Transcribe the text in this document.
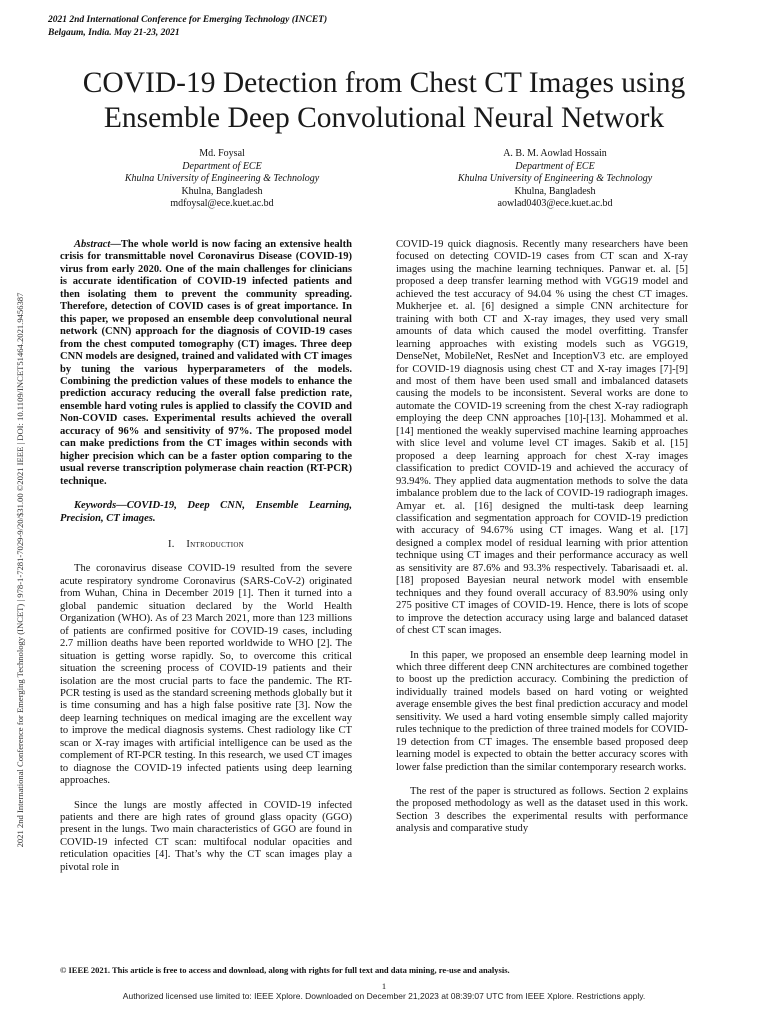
2021 2nd International Conference for Emerging Technology (INCET)
Belgaum, India. May 21-23, 2021
COVID-19 Detection from Chest CT Images using
Ensemble Deep Convolutional Neural Network
Md. Foysal
Department of ECE
Khulna University of Engineering & Technology
Khulna, Bangladesh
mdfoysal@ece.kuet.ac.bd
A. B. M. Aowlad Hossain
Department of ECE
Khulna University of Engineering & Technology
Khulna, Bangladesh
aowlad0403@ece.kuet.ac.bd
2021 2nd International Conference for Emerging Technology (INCET) | 978-1-7281-7029-9/20/$31.00 ©2021 IEEE | DOI: 10.1109/INCET51464.2021.9456387

Abstract—The whole world is now facing an extensive health crisis for transmittable novel Coronavirus Disease (COVID-19) virus from early 2020. One of the main challenges for clinicians is accurate identification of COVID-19 infected patients and then isolating them to prevent the community spreading. Therefore, detection of COVID cases is of great importance. In this paper, we proposed an ensemble deep convolutional neural network (CNN) approach for the diagnosis of COVID-19 cases from the chest computed tomography (CT) images. Three deep CNN models are designed, trained and validated with CT images by tuning the various hyperparameters of the models. Combining the prediction values of these models to enhance the prediction accuracy reducing the overall false prediction rate, ensemble hard voting rules is applied to classify the COVID and Non-COVID cases. Experimental results achieved the overall accuracy of 96% and sensitivity of 97%. The proposed model can make predictions from the CT images within seconds with higher precision which can be a faster option comparing to the usual reverse transcription polymerase chain reaction (RT-PCR) technique.

Keywords—COVID-19, Deep CNN, Ensemble Learning, Precision, CT images.

I. Introduction

The coronavirus disease COVID-19 resulted from the severe acute respiratory syndrome Coronavirus (SARS-CoV-2) originated from Wuhan, China in December 2019 [1]. Then it turned into a global pandemic situation declared by the World Health Organization (WHO). As of 23 March 2021, more than 123 millions of patients are confirmed positive for COVID-19 cases, including 2.7 million deaths have been reported worldwide to WHO [2]. The situation is getting worse rapidly. So, to overcome this critical situation the screening process of COVID-19 patients and their isolation are the most crucial parts to face the pandemic. The RT-PCR testing is used as the standard screening methods globally but it is time consuming and has a high false positive rate [3]. Now the deep learning techniques on medical imaging are the excellent way to improve the medical diagnosis systems. Chest radiology like CT scan or X-ray images with artificial intelligence can be used as the complement of RT-PCR testing. In this research, we used CT images to diagnose the COVID-19 infected patients using deep learning approaches.

Since the lungs are mostly affected in COVID-19 infected patients and there are high rates of ground glass opacity (GGO) present in the lungs. Two main characteristics of GGO are found in COVID-19 infected CT scan: multifocal nodular opacities and reticulation opacities [4]. That’s why the CT scan images play a pivotal role in

COVID-19 quick diagnosis. Recently many researchers have been focused on detecting COVID-19 cases from CT scan and X-ray images using the machine learning techniques. Panwar et. al. [5] proposed a deep transfer learning method with VGG19 model and achieved the test accuracy of 94.04 % using the chest CT images. Mukherjee et. al. [6] designed a simple CNN architecture for training with both CT and X-ray images, they used very small amounts of data which caused the model overfitting. Transfer learning approaches with existing models such as VGG19, DenseNet, MobileNet, ResNet and InceptionV3 etc. are employed for COVID-19 diagnosis using chest CT and X-ray images [7]-[9] and most of them have been used small and imbalanced datasets causing the models to be inconsistent. Several works are done to automate the COVID-19 screening from the chest X-ray radiograph employing the deep CNN approaches [10]-[13]. Mohammed et al. [14] mentioned the weakly supervised machine learning approaches with slice level and volume level CT images. Sakib et al. [15] proposed a deep learning approach for chest X-ray images classification to predict COVID-19 and achieved the accuracy of 93.94%. They applied data augmentation methods to solve the data imbalance problem due to the lack of COVID-19 radiograph images. Amyar et. al. [16] designed the multi-task deep learning classification and segmentation approach for COVID-19 prediction with accuracy of 94.67% using CT images. Wang et al. [17] designed a complex model of residual learning with prior attention technique using CT images and their performance accuracy as well as sensitivity are 87.6% and 93.3% respectively. Tabarisaadi et. al. [18] proposed Bayesian neural network model with ensemble techniques and they found overall accuracy of 83.90% using only 275 positive CT images of COVID-19. Hence, there is lots of scope to improve the detection accuracy using large and balanced dataset of chest CT scan images.

In this paper, we proposed an ensemble deep learning model in which three different deep CNN architectures are combined together to boost up the prediction accuracy. Combining the prediction of individually trained models based on hard voting or weighted average ensemble gives the best final prediction accuracy and model sensitivity. We used a hard voting ensemble simply called majority rules technique to the prediction of three trained models for COVID-19 detection from CT images. The ensemble based proposed deep learning model is expected to obtain the better accuracy scores with lower false prediction than the similar contemporary research works.

The rest of the paper is structured as follows. Section 2 explains the proposed methodology as well as the dataset used in this work. Section 3 describes the experimental results with performance analysis and comparative study

© IEEE 2021. This article is free to access and download, along with rights for full text and data mining, re-use and analysis.
1
Authorized licensed use limited to: IEEE Xplore. Downloaded on December 21,2023 at 08:39:07 UTC from IEEE Xplore. Restrictions apply.
